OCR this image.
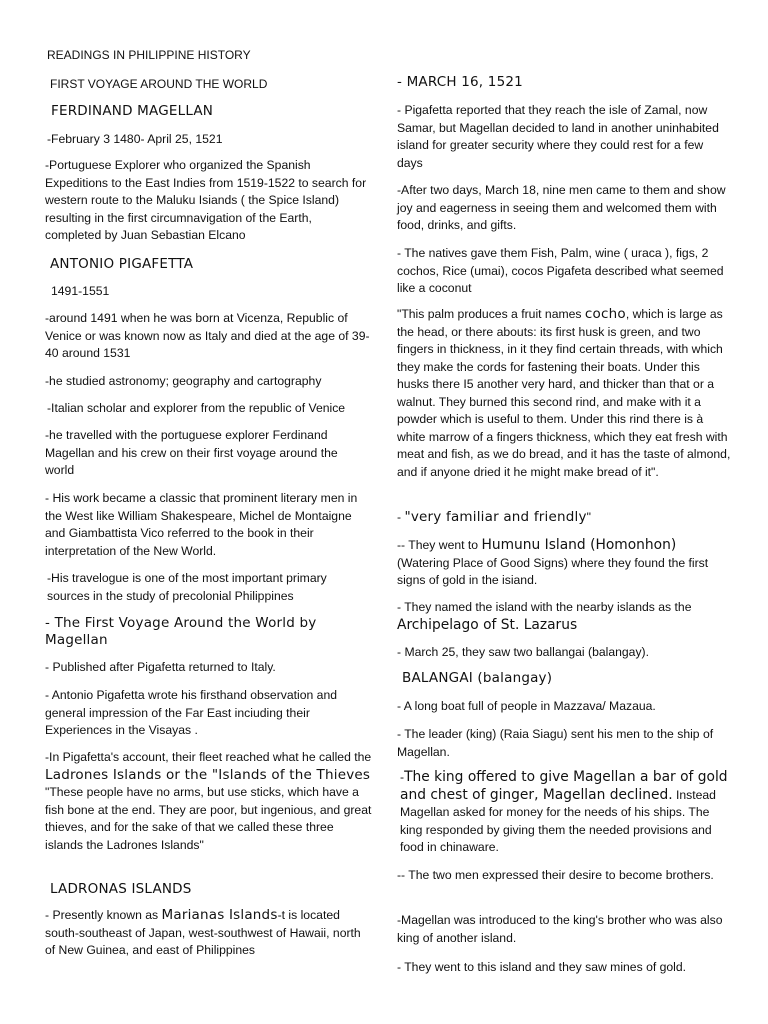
READINGS IN PHILIPPINE HISTORY

FIRST VOYAGE AROUND THE WORLD

FERDINAND MAGELLAN

-February 3 1480- April 25, 1521

-Portuguese Explorer who organized the Spanish Expeditions to the East Indies from 1519-1522 to search for western route to the Maluku Isiands ( the Spice Island) resulting in the first circumnavigation of the Earth, completed by Juan Sebastian Elcano

ANTONIO PIGAFETTA

1491-1551

-around 1491 when he was born at Vicenza, Republic of Venice or was known now as Italy and died at the age of 39-40 around 1531

-he studied astronomy; geography and cartography

-Italian scholar and explorer from the republic of Venice

-he travelled with the portuguese explorer Ferdinand Magellan and his crew on their first voyage around the world

- His work became a classic that prominent literary men in the West like William Shakespeare, Michel de Montaigne and Giambattista Vico referred to the book in their interpretation of the New World.

-His travelogue is one of the most important primary sources in the study of precolonial Philippines

- The First Voyage Around the World by Magellan

- Published after Pigafetta returned to Italy.

- Antonio Pigafetta wrote his firsthand observation and general impression of the Far East inciuding their Experiences in the Visayas .

-In Pigafetta's account, their fleet reached what he called the Ladrones Islands or the "Islands of the Thieves "These people have no arms, but use sticks, which have a fish bone at the end. They are poor, but ingenious, and great thieves, and for the sake of that we called these three islands the Ladrones Islands"

LADRONAS ISLANDS

- Presently known as Marianas Islands-t is located south-southeast of Japan, west-southwest of Hawaii, north of New Guinea, and east of Philippines

- MARCH 16, 1521

- Pigafetta reported that they reach the isle of Zamal, now Samar, but Magellan decided to land in another uninhabited island for greater security where they could rest for a few days

-After two days, March 18, nine men came to them and show joy and eagerness in seeing them and welcomed them with food, drinks, and gifts.

- The natives gave them Fish, Palm, wine ( uraca ), figs, 2 cochos, Rice (umai), cocos Pigafeta described what seemed like a coconut

"This palm produces a fruit names cocho, which is large as the head, or there abouts: its first husk is green, and two fingers in thickness, in it they find certain threads, with which they make the cords for fastening their boats. Under this husks there I5 another very hard, and thicker than that or a walnut. They burned this second rind, and make with it a powder which is useful to them. Under this rind there is à white marrow of a fingers thickness, which they eat fresh with meat and fish, as we do bread, and it has the taste of almond, and if anyone dried it he might make bread of it".

- "very familiar and friendly"

-- They went to Humunu Island (Homonhon) (Watering Place of Good Signs) where they found the first signs of gold in the isiand.

- They named the island with the nearby islands as the Archipelago of St. Lazarus

- March 25, they saw two ballangai (balangay).

BALANGAI (balangay)

- A long boat full of people in Mazzava/ Mazaua.

- The leader (king) (Raia Siagu) sent his men to the ship of Magellan.

-The king offered to give Magellan a bar of gold and chest of ginger, Magellan declined. Instead Magellan asked for money for the needs of his ships. The king responded by giving them the needed provisions and food in chinaware.

-- The two men expressed their desire to become brothers.

-Magellan was introduced to the king's brother who was also king of another island.

- They went to this island and they saw mines of gold.
